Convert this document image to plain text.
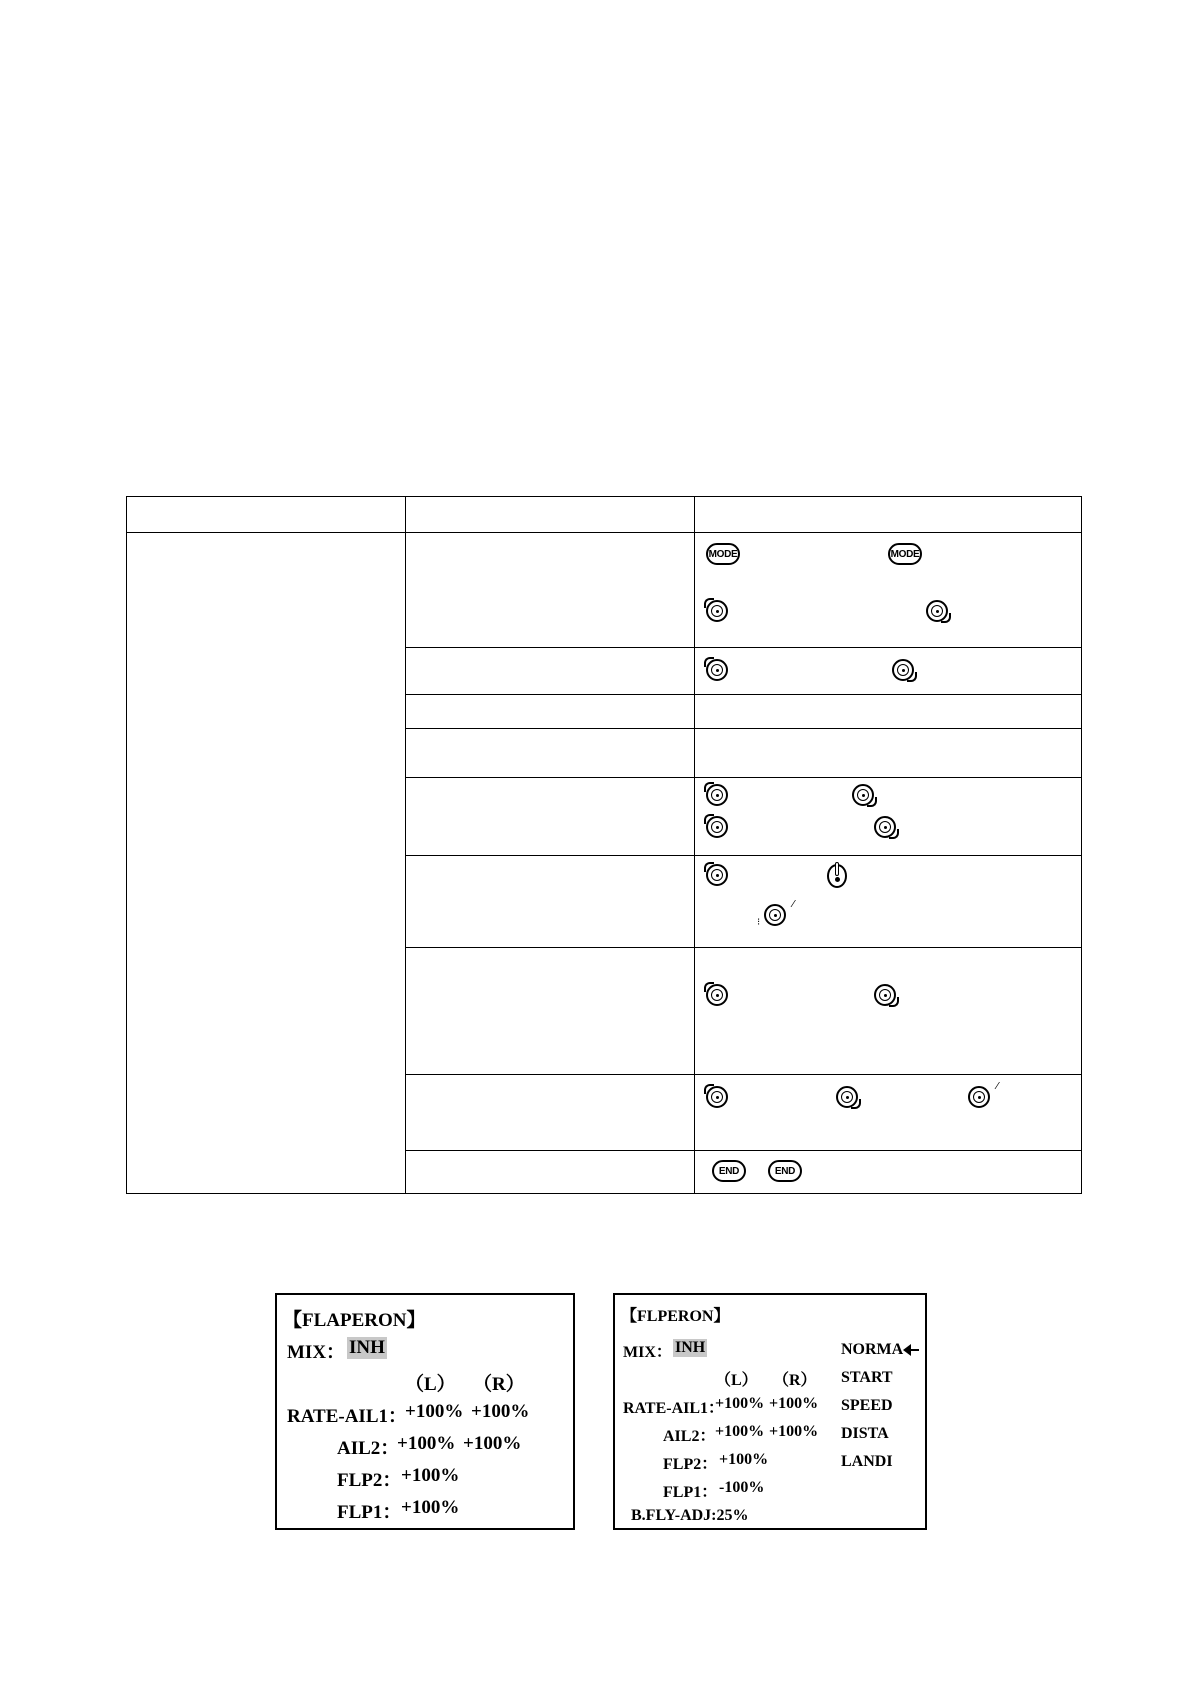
MODE	MODE
⁝
⁄
⁄
END	END
【FLAPERON】
MIX： INH
（L） （R）
RATE-AIL1：
+100% +100%
AIL2：
+100% +100%
FLP2： +100%
FLP1： +100%
【FLPERON】
MIX： INH
（L） （R）
RATE-AIL1：
+100% +100%
AIL2： +100% +100%
FLP2： +100%
FLP1： -100%
B.FLY-ADJ:25%
NORMA
START
SPEED
DISTA
LANDI
